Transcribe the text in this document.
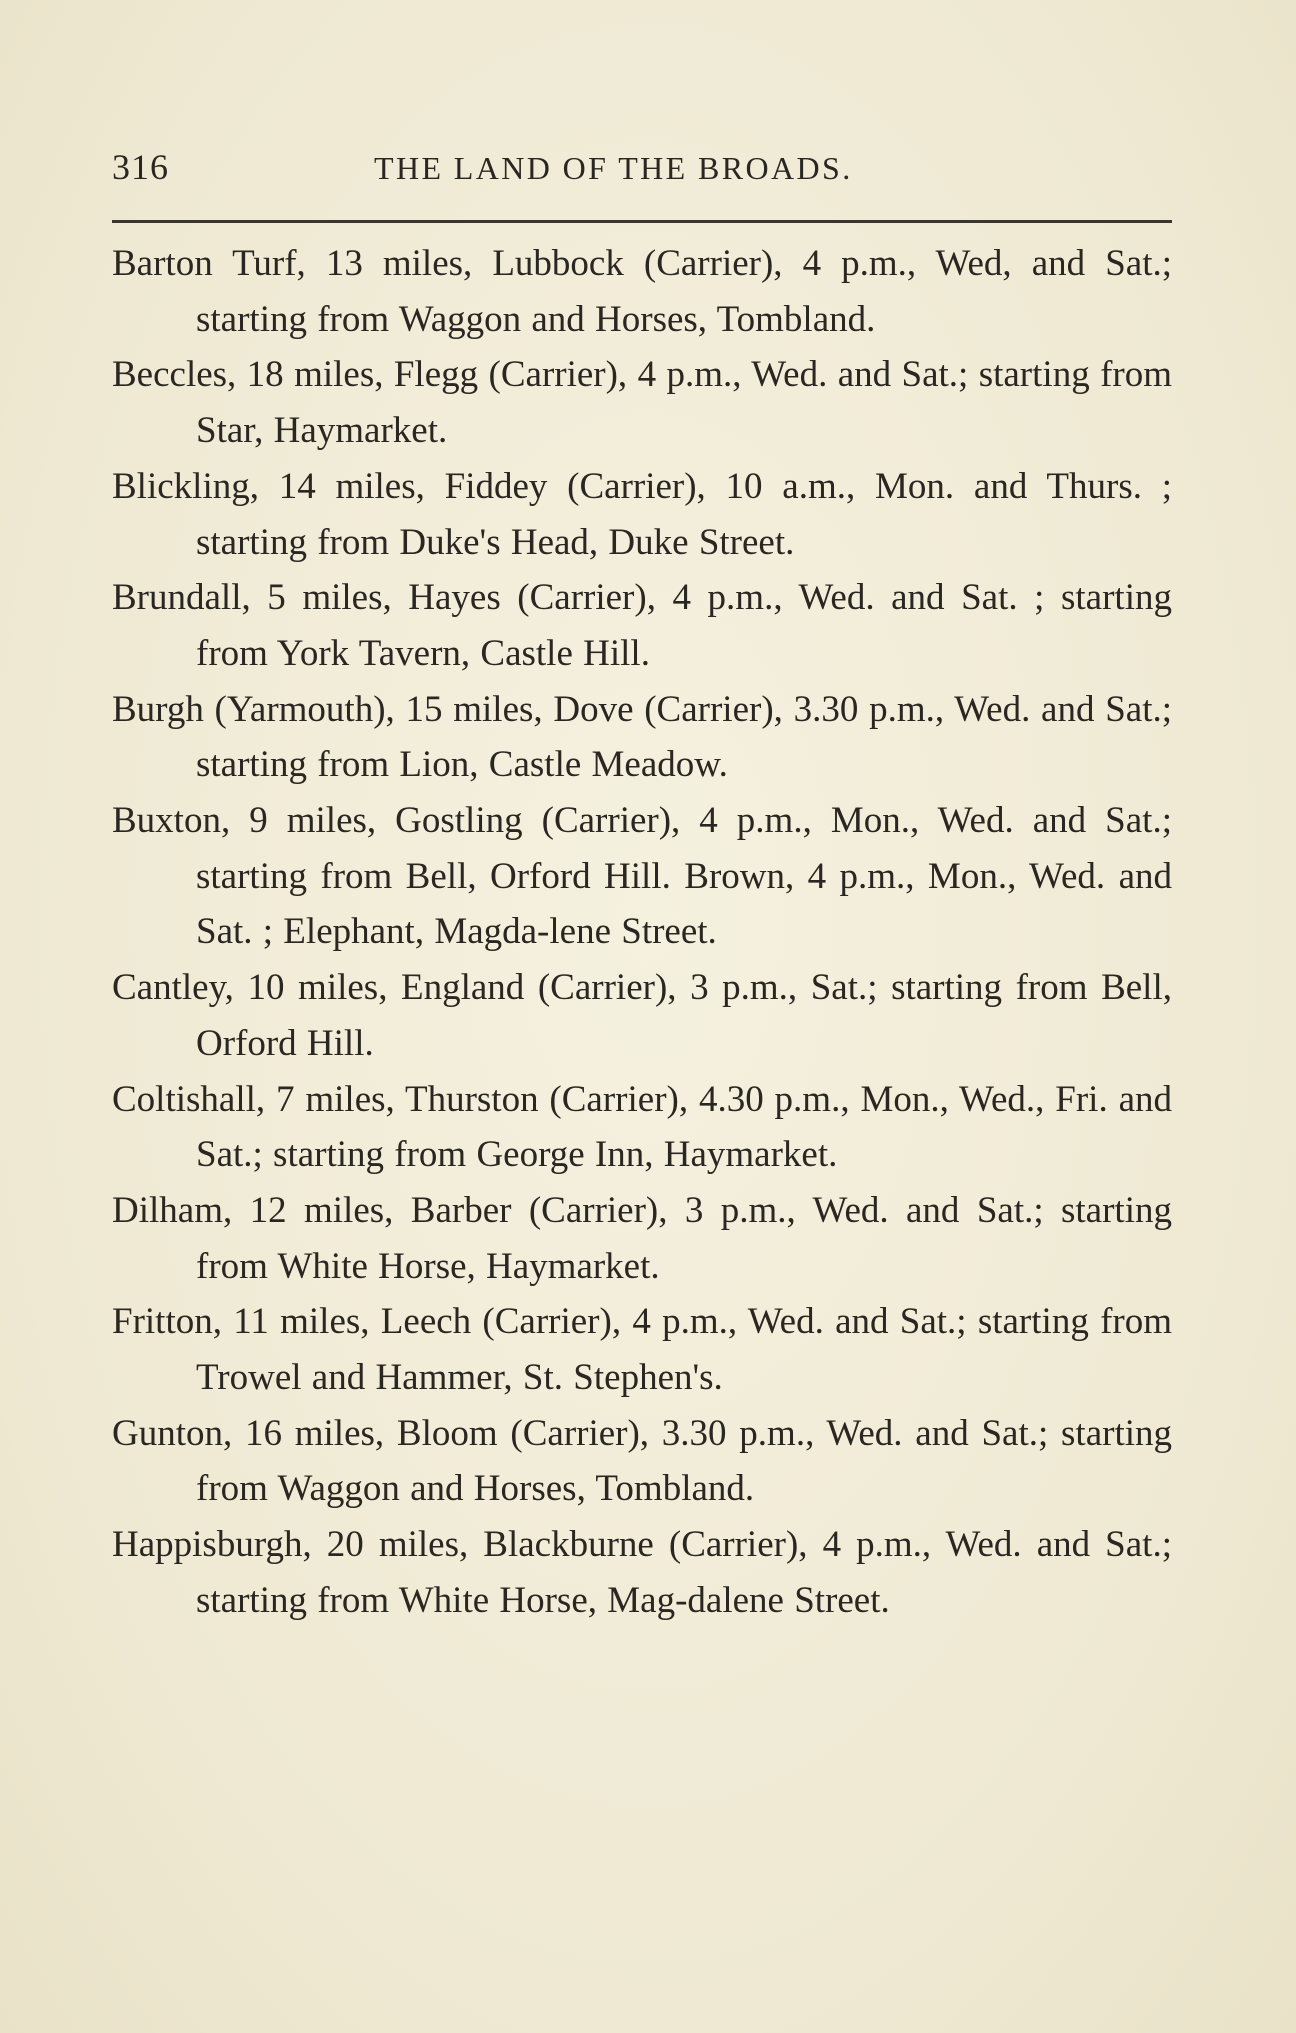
316	THE LAND OF THE BROADS.

Barton Turf, 13 miles, Lubbock (Carrier), 4 p.m., Wed, and Sat.; starting from Waggon and Horses, Tombland.

Beccles, 18 miles, Flegg (Carrier), 4 p.m., Wed. and Sat.; starting from Star, Haymarket.

Blickling, 14 miles, Fiddey (Carrier), 10 a.m., Mon. and Thurs. ; starting from Duke's Head, Duke Street.

Brundall, 5 miles, Hayes (Carrier), 4 p.m., Wed. and Sat. ; starting from York Tavern, Castle Hill.

Burgh (Yarmouth), 15 miles, Dove (Carrier), 3.30 p.m., Wed. and Sat.; starting from Lion, Castle Meadow.

Buxton, 9 miles, Gostling (Carrier), 4 p.m., Mon., Wed. and Sat.; starting from Bell, Orford Hill. Brown, 4 p.m., Mon., Wed. and Sat. ; Elephant, Magda-lene Street.

Cantley, 10 miles, England (Carrier), 3 p.m., Sat.; starting from Bell, Orford Hill.

Coltishall, 7 miles, Thurston (Carrier), 4.30 p.m., Mon., Wed., Fri. and Sat.; starting from George Inn, Haymarket.

Dilham, 12 miles, Barber (Carrier), 3 p.m., Wed. and Sat.; starting from White Horse, Haymarket.

Fritton, 11 miles, Leech (Carrier), 4 p.m., Wed. and Sat.; starting from Trowel and Hammer, St. Stephen's.

Gunton, 16 miles, Bloom (Carrier), 3.30 p.m., Wed. and Sat.; starting from Waggon and Horses, Tombland.

Happisburgh, 20 miles, Blackburne (Carrier), 4 p.m., Wed. and Sat.; starting from White Horse, Mag-dalene Street.
